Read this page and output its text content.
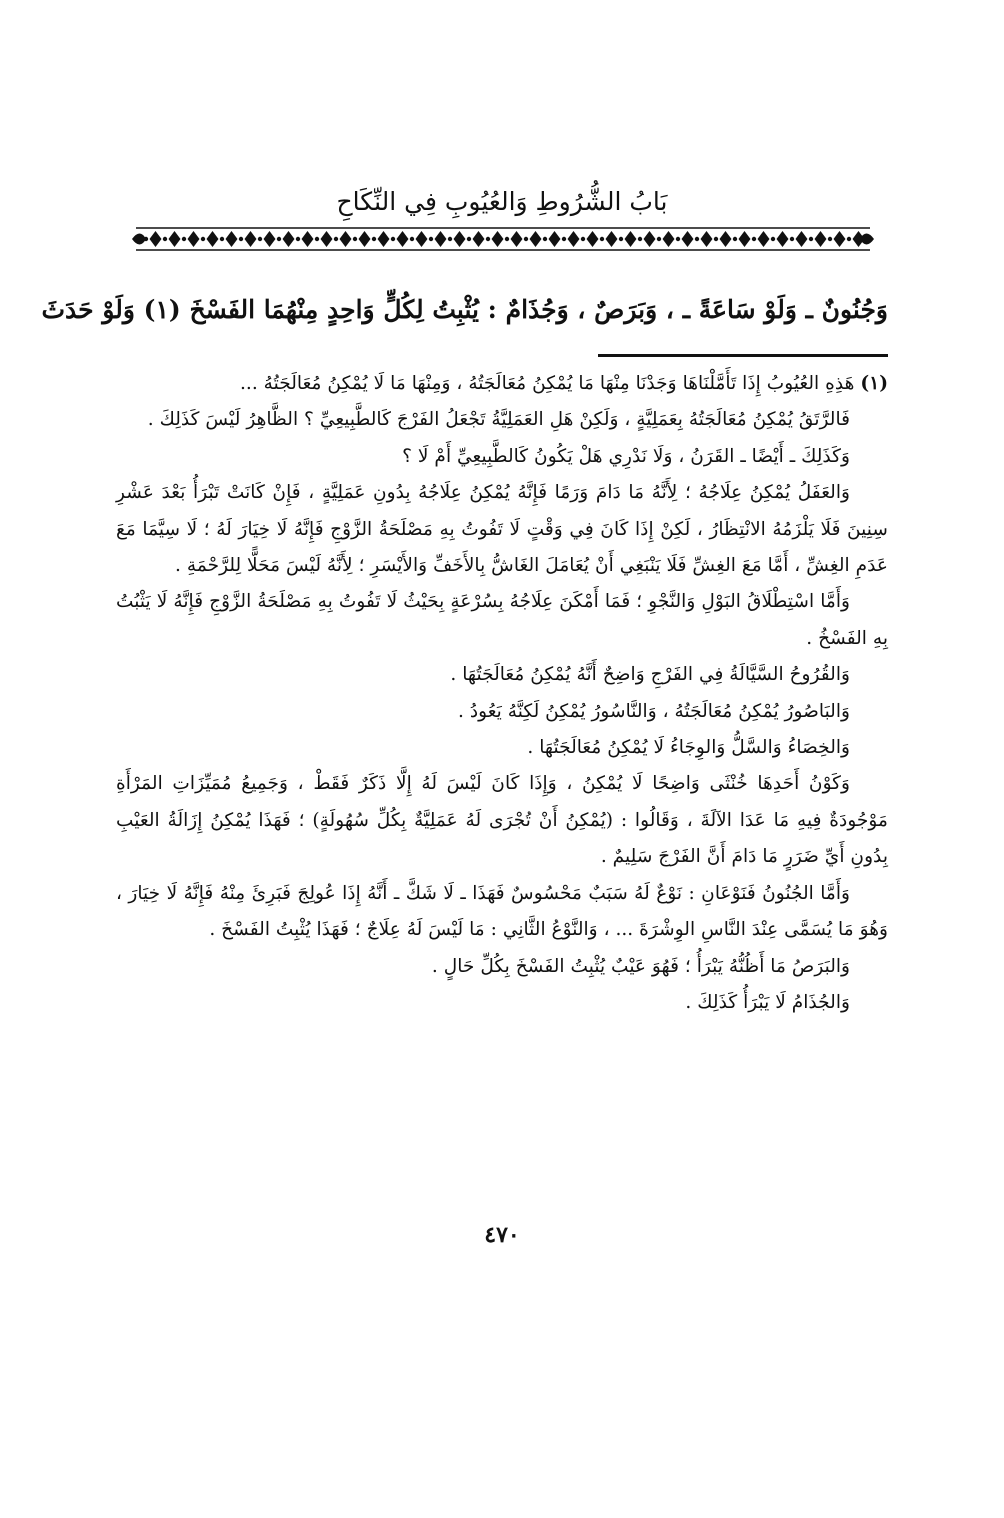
بَابُ الشُّرُوطِ وَالعُيُوبِ فِي النِّكَاحِ
وَجُنُونٌ ـ وَلَوْ سَاعَةً ـ ، وَبَرَصٌ ، وَجُذَامٌ : يُثْبِتُ لِكُلٍّ وَاحِدٍ مِنْهُمَا الفَسْخَ (١) وَلَوْ حَدَثَ

(١) هَذِهِ العُيُوبُ إِذَا تَأَمَّلْنَاهَا وَجَدْنَا مِنْهَا مَا يُمْكِنُ مُعَالَجَتُهُ ، وَمِنْهَا مَا لَا يُمْكِنُ مُعَالَجَتُهُ ...

فَالرَّتَقُ يُمْكِنُ مُعَالَجَتُهُ بِعَمَلِيَّةٍ ، وَلَكِنْ هَلِ العَمَلِيَّةُ تَجْعَلُ الفَرْجَ كَالطَّبِيعِيِّ ؟ الظَّاهِرُ لَيْسَ كَذَلِكَ .

وَكَذَلِكَ ـ أَيْضًا ـ القَرَنُ ، وَلَا نَدْرِي هَلْ يَكُونُ كَالطَّبِيعِيِّ أَمْ لَا ؟

وَالعَفَلُ يُمْكِنُ عِلَاجُهُ ؛ لِأَنَّهُ مَا دَامَ وَرَمًا فَإِنَّهُ يُمْكِنُ عِلَاجُهُ بِدُونِ عَمَلِيَّةٍ ، فَإِنْ كَانَتْ تَبْرَأُ بَعْدَ عَشْرِ سِنِينَ فَلَا يَلْزَمُهُ الانْتِظَارُ ، لَكِنْ إِذَا كَانَ فِي وَقْتٍ لَا تَفُوتُ بِهِ مَصْلَحَةُ الزَّوْجِ فَإِنَّهُ لَا خِيَارَ لَهُ ؛ لَا سِيَّمَا مَعَ عَدَمِ الغِشِّ ، أَمَّا مَعَ الغِشِّ فَلَا يَنْبَغِي أَنْ يُعَامَلَ الغَاشُّ بِالأَخَفِّ وَالأَيْسَرِ ؛ لِأَنَّهُ لَيْسَ مَحَلًّا لِلرَّحْمَةِ .

وَأَمَّا اسْتِطْلَاقُ البَوْلِ وَالنَّجْوِ ؛ فَمَا أَمْكَنَ عِلَاجُهُ بِسُرْعَةٍ بِحَيْثُ لَا تَفُوتُ بِهِ مَصْلَحَةُ الزَّوْجِ فَإِنَّهُ لَا يَثْبُتُ بِهِ الفَسْخُ .

وَالقُرُوحُ السَّيَّالَةُ فِي الفَرْجِ وَاضِحٌ أَنَّهُ يُمْكِنُ مُعَالَجَتُهَا .

وَالبَاصُورُ يُمْكِنُ مُعَالَجَتُهُ ، وَالنَّاسُورُ يُمْكِنُ لَكِنَّهُ يَعُودُ .

وَالخِصَاءُ وَالسَّلُّ وَالوِجَاءُ لَا يُمْكِنُ مُعَالَجَتُهَا .

وَكَوْنُ أَحَدِهَا خُنْثَى وَاضِحًا لَا يُمْكِنُ ، وَإِذَا كَانَ لَيْسَ لَهُ إِلَّا ذَكَرٌ فَقَطْ ، وَجَمِيعُ مُمَيِّزَاتِ المَرْأَةِ مَوْجُودَةٌ فِيهِ مَا عَدَا الآلَةَ ، وَقَالُوا : (يُمْكِنُ أَنْ تُجْرَى لَهُ عَمَلِيَّةٌ بِكُلِّ سُهُولَةٍ) ؛ فَهَذَا يُمْكِنُ إِزَالَةُ العَيْبِ بِدُونِ أَيِّ ضَرَرٍ مَا دَامَ أَنَّ الفَرْجَ سَلِيمٌ .

وَأَمَّا الجُنُونُ فَنَوْعَانِ : نَوْعٌ لَهُ سَبَبٌ مَحْسُوسٌ فَهَذَا ـ لَا شَكَّ ـ أَنَّهُ إِذَا عُولِجَ فَبَرِئَ مِنْهُ فَإِنَّهُ لَا خِيَارَ ، وَهُوَ مَا يُسَمَّى عِنْدَ النَّاسِ الوِشْرَةَ ... ، وَالنَّوْعُ الثَّانِي : مَا لَيْسَ لَهُ عِلَاجٌ ؛ فَهَذَا يُثْبِتُ الفَسْخَ .

وَالبَرَصُ مَا أَظُنُّهُ يَبْرَأُ ؛ فَهُوَ عَيْبٌ يُثْبِتُ الفَسْخَ بِكُلِّ حَالٍ .

وَالجُذَامُ لَا يَبْرَأُ كَذَلِكَ .

٤٧٠
